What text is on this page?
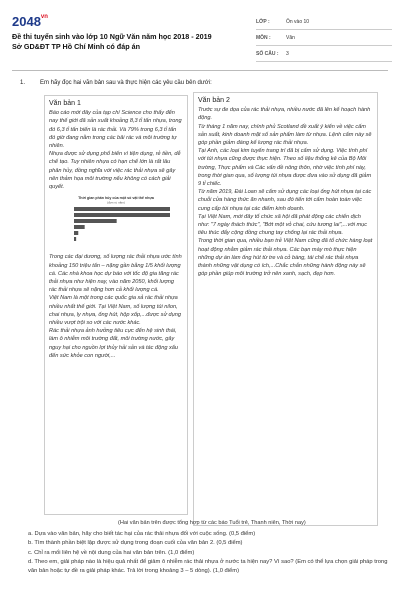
$2048^{vn}$
Đề thi tuyển sinh vào lớp 10 Ngữ Văn năm học 2018 - 2019
Sở GD&ĐT TP Hồ Chí Minh có đáp án
LỚP :	Ôn vào 10
MÔN :	Văn
SỐ CÂU :	3
1. Em hãy đọc hai văn bản sau và thực hiện các yêu cầu bên dưới:

Văn bản 1

Báo cáo mới đây của tạp chí Science cho thấy đến nay thế giới đã sản xuất khoảng 8,3 tỉ tấn nhựa, trong đó 6,3 tỉ tấn biến là rác thải. Và 79% trong 6,3 tỉ tấn đó giờ đang nằm trong các bãi rác và môi trường tự nhiên.

Nhựa được sử dụng phổ biến vì tiện dụng, rẻ tiền, dễ chế tạo. Tuy nhiên nhựa có hạn chế lớn là rất lâu phân hủy, đồng nghĩa với việc rác thải nhựa sẽ gây nên thảm họa môi trường nếu không có cách giải quyết.

Thời gian phân hủy của một số vật thể nhựa
(đơn vị: năm)

Trong các đại dương, số lượng rác thải nhựa ước tính khoảng 150 triệu tấn – nặng gần bằng 1/5 khối lượng cá. Các nhà khoa học dự báo với tốc độ gia tăng rác thải nhựa như hiện nay, vào năm 2050, khối lượng rác thải nhựa sẽ nặng hơn cả khối lượng cá.

Việt Nam là một trong các quốc gia xả rác thải nhựa nhiều nhất thế giới. Tại Việt Nam, số lượng túi nilon, chai nhựa, ly nhựa, ống hút, hộp xốp,...được sử dụng nhiều vượt trội so với các nước khác.

Rác thải nhựa ảnh hưởng tiêu cực đến hệ sinh thái, làm ô nhiễm môi trường đất, môi trường nước, gây nguy hại cho nguồn lợi thủy hải sản và tác động xấu đến sức khỏe con người,...

Văn bản 2

Trước sự đe dọa của rác thải nhựa, nhiều nước đã lên kế hoạch hành động.

Từ tháng 1 năm nay, chính phủ Scotland đề xuất ý kiến về việc cấm sản xuất, kinh doanh mặt số sản phẩm làm từ nhựa. Lệnh cấm này sẽ góp phần giảm đáng kể lượng rác thải nhựa.

Tại Anh, các loại kim tuyến trang trí đã bị cấm sử dụng. Việc tính phí với túi nhựa cũng được thực hiện. Theo số liệu thống kê của Bộ Môi trường, Thực phẩm và Các vấn đề nông thôn, nhờ việc tính phí này, trong thời gian qua, số lượng túi nhựa được đưa vào sử dụng đã giảm 9 tỉ chiếc.

Từ năm 2019, Đài Loan sẽ cấm sử dụng các loại ống hút nhựa tại các chuỗi cửa hàng thức ăn nhanh, sau đó tiến tới cấm hoàn toàn việc cung cấp túi nhựa tại các điểm kinh doanh.

Tại Việt Nam, mới đây tổ chức xã hội đã phát động các chiến dịch như: "7 ngày thách thức", "Bớt một vỏ chai, cứu tương lai",...với mục tiêu thúc đẩy cộng đồng chung tay chống lại rác thải nhựa.

Trong thời gian qua, nhiều bạn trẻ Việt Nam cũng đã tổ chức hàng loạt hoạt động nhằm giảm rác thải nhựa. Các bạn mày mò thực hiện những dự án làm ống hút từ tre và cỏ bàng, tái chế rác thải nhựa thành những vật dụng có ích,...Chắc chắn những hành động này sẽ góp phần giúp môi trường trở nên xanh, sạch, đẹp hơn.

(Hai văn bản trên được tổng hợp từ các báo Tuổi trẻ, Thanh niên, Thời nay)
a. Dựa vào văn bản, hãy cho biết tác hại của rác thải nhựa đối với cuộc sống. (0,5 điểm)
b. Tìm thành phần biệt lập được sử dụng trong đoạn cuối của văn bản 2. (0,5 điểm)
c. Chỉ ra mối liên hệ về nội dung của hai văn bản trên. (1,0 điểm)
d. Theo em, giải pháp nào là hiệu quả nhất để giảm ô nhiễm rác thải nhựa ở nước ta hiện nay? Vì sao? (Em có thể lựa chọn giải pháp trong văn bản hoặc tự đề ra giải pháp khác. Trả lời trong khoảng 3 – 5 dòng). (1,0 điểm)
